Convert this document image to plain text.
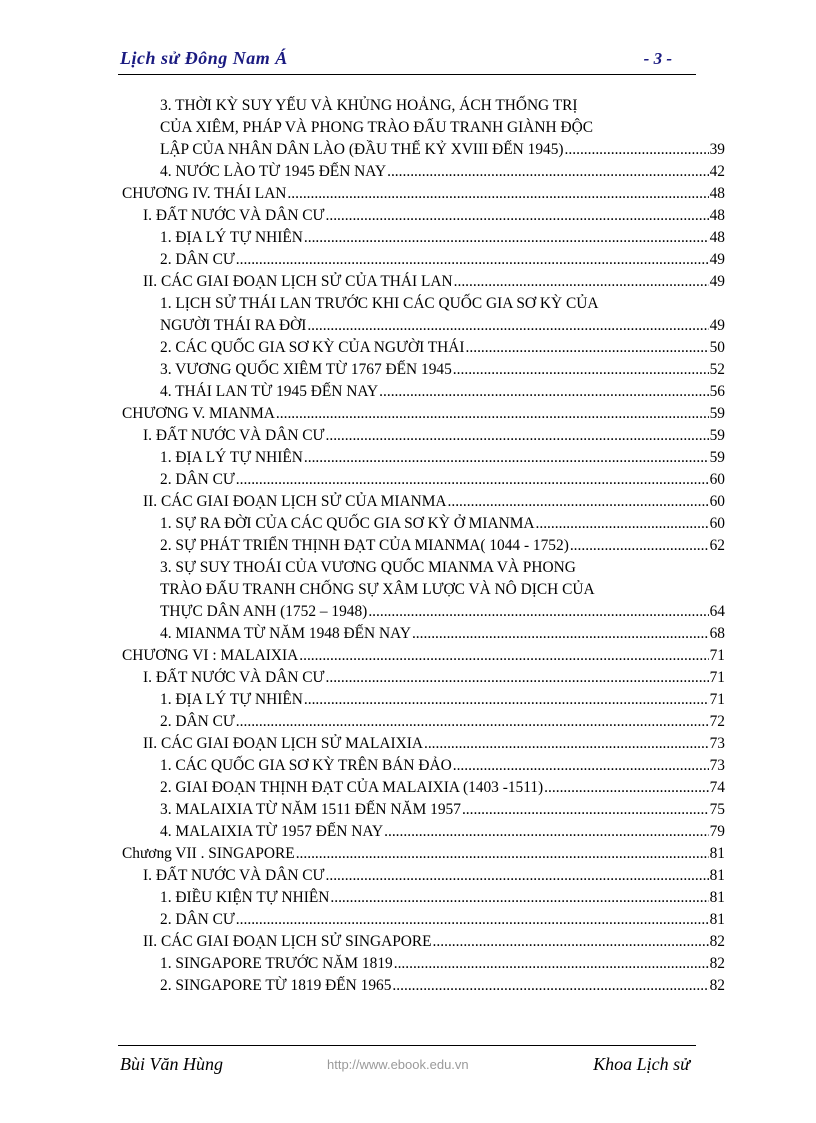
Lịch sử Đông Nam Á	- 3 -
3. THỜI KỲ SUY YẾU VÀ KHỦNG HOẢNG, ÁCH THỐNG TRỊ
CỦA XIÊM, PHÁP VÀ PHONG TRÀO ĐẤU TRANH GIÀNH ĐỘC
LẬP CỦA NHÂN DÂN LÀO (ĐẦU THẾ KỶ XVIII ĐẾN 1945) .....	39
4. NƯỚC LÀO TỪ 1945 ĐẾN NAY .....	42
CHƯƠNG IV. THÁI LAN .....	48
I. ĐẤT NƯỚC VÀ DÂN CƯ .....	48
1. ĐỊA LÝ TỰ NHIÊN .....	48
2. DÂN CƯ .....	49
II. CÁC GIAI ĐOẠN LỊCH SỬ CỦA THÁI LAN .....	49
1. LỊCH SỬ THÁI LAN TRƯỚC KHI CÁC QUỐC GIA SƠ KỲ CỦA
NGƯỜI THÁI RA ĐỜI .....	49
2. CÁC QUỐC GIA SƠ KỲ CỦA NGƯỜI THÁI .....	50
3. VƯƠNG QUỐC XIÊM TỪ 1767 ĐẾN 1945 .....	52
4. THÁI LAN TỪ 1945 ĐẾN NAY .....	56
CHƯƠNG V. MIANMA .....	59
I. ĐẤT NƯỚC VÀ DÂN CƯ .....	59
1. ĐỊA LÝ TỰ NHIÊN .....	59
2. DÂN CƯ .....	60
II. CÁC GIAI ĐOẠN LỊCH SỬ CỦA MIANMA .....	60
1. SỰ RA ĐỜI CỦA CÁC QUỐC GIA SƠ KỲ Ở MIANMA .....	60
2. SỰ PHÁT TRIỂN THỊNH ĐẠT CỦA MIANMA( 1044 - 1752) .....	62
3. SỰ SUY THOÁI CỦA VƯƠNG QUỐC MIANMA VÀ PHONG
TRÀO ĐẤU TRANH CHỐNG SỰ XÂM LƯỢC VÀ NÔ DỊCH CỦA
THỰC DÂN ANH (1752 – 1948) .....	64
4. MIANMA TỪ NĂM 1948 ĐẾN NAY .....	68
CHƯƠNG VI : MALAIXIA .....	71
I. ĐẤT NƯỚC VÀ DÂN CƯ .....	71
1. ĐỊA LÝ TỰ NHIÊN .....	71
2. DÂN CƯ .....	72
II. CÁC GIAI ĐOẠN LỊCH SỬ MALAIXIA .....	73
1. CÁC QUỐC GIA SƠ KỲ TRÊN BÁN ĐẢO .....	73
2. GIAI ĐOẠN THỊNH ĐẠT CỦA MALAIXIA (1403 -1511) .....	74
3. MALAIXIA TỪ NĂM 1511 ĐẾN NĂM 1957 .....	75
4. MALAIXIA TỪ 1957 ĐẾN NAY .....	79
Chương VII . SINGAPORE .....	81
I. ĐẤT NƯỚC VÀ DÂN CƯ .....	81
1. ĐIỀU KIỆN TỰ NHIÊN .....	81
2. DÂN CƯ .....	81
II. CÁC GIAI ĐOẠN LỊCH SỬ SINGAPORE .....	82
1. SINGAPORE TRƯỚC NĂM 1819 .....	82
2. SINGAPORE TỪ 1819 ĐẾN 1965 .....	82
Bùi Văn Hùng	http://www.ebook.edu.vn	Khoa Lịch sử
